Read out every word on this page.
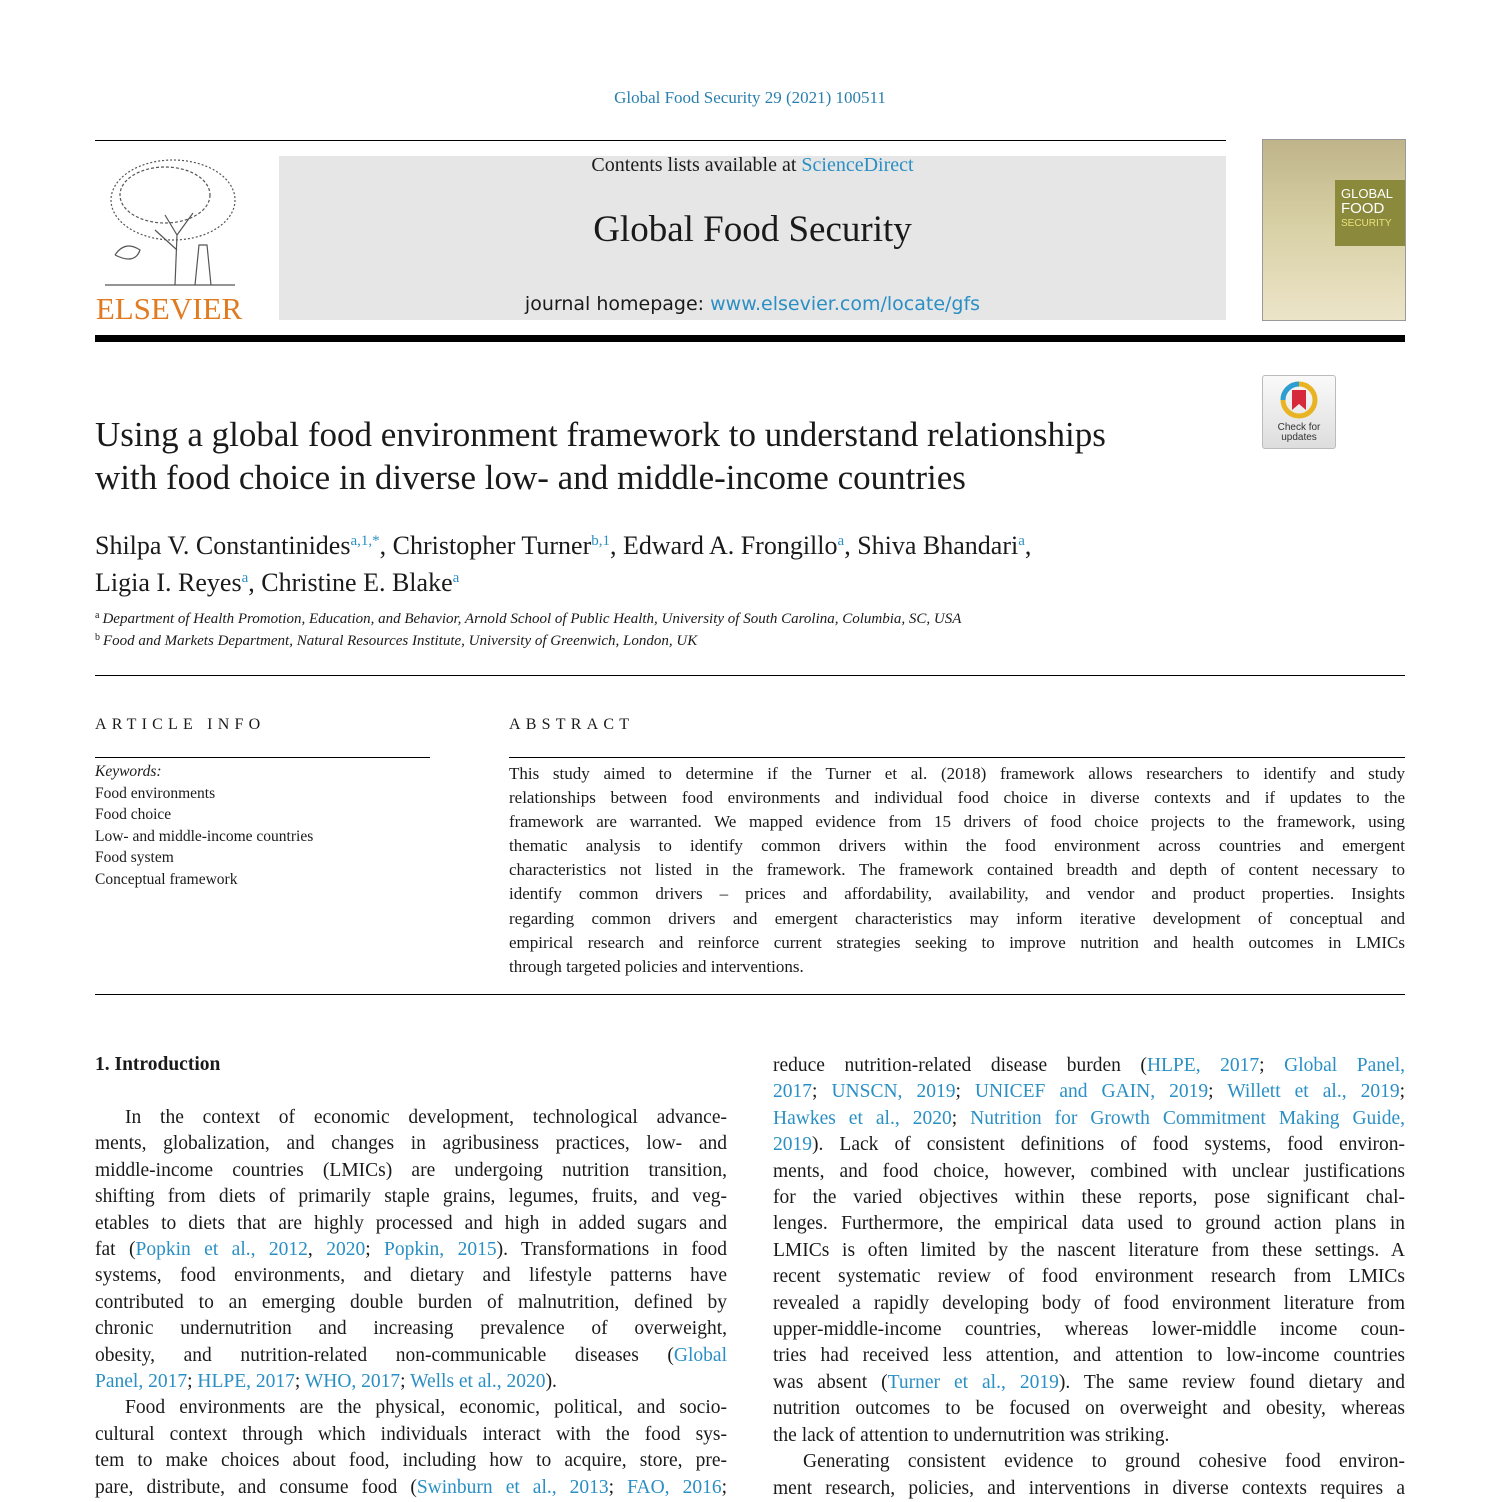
Global Food Security 29 (2021) 100511
ELSEVIER
Contents lists available at ScienceDirect
Global Food Security
journal homepage: www.elsevier.com/locate/gfs
GLOBAL
FOOD
SECURITY
Check for
updates
Using a global food environment framework to understand relationships
with food choice in diverse low- and middle-income countries
Shilpa V. Constantinides$^{a,1,*}$, Christopher Turner$^{b,1}$, Edward A. Frongillo$^a$, Shiva Bhandari$^a$,
Ligia I. Reyes$^a$, Christine E. Blake$^a$
$^a$ Department of Health Promotion, Education, and Behavior, Arnold School of Public Health, University of South Carolina, Columbia, SC, USA
$^b$ Food and Markets Department, Natural Resources Institute, University of Greenwich, London, UK
ARTICLE INFO	ABSTRACT
Keywords:
Food environments
Food choice
Low- and middle-income countries
Food system
Conceptual framework
This study aimed to determine if the Turner et al. (2018) framework allows researchers to identify and study
relationships between food environments and individual food choice in diverse contexts and if updates to the
framework are warranted. We mapped evidence from 15 drivers of food choice projects to the framework, using
thematic analysis to identify common drivers within the food environment across countries and emergent
characteristics not listed in the framework. The framework contained breadth and depth of content necessary to
identify common drivers – prices and affordability, availability, and vendor and product properties. Insights
regarding common drivers and emergent characteristics may inform iterative development of conceptual and
empirical research and reinforce current strategies seeking to improve nutrition and health outcomes in LMICs
through targeted policies and interventions.
1. Introduction
In the context of economic development, technological advance-
ments, globalization, and changes in agribusiness practices, low- and
middle-income countries (LMICs) are undergoing nutrition transition,
shifting from diets of primarily staple grains, legumes, fruits, and veg-
etables to diets that are highly processed and high in added sugars and
fat (Popkin et al., 2012, 2020; Popkin, 2015). Transformations in food
systems, food environments, and dietary and lifestyle patterns have
contributed to an emerging double burden of malnutrition, defined by
chronic undernutrition and increasing prevalence of overweight,
obesity, and nutrition-related non-communicable diseases (Global
Panel, 2017; HLPE, 2017; WHO, 2017; Wells et al., 2020).
Food environments are the physical, economic, political, and socio-
cultural context through which individuals interact with the food sys-
tem to make choices about food, including how to acquire, store, pre-
pare, distribute, and consume food (Swinburn et al., 2013; FAO, 2016;
reduce nutrition-related disease burden (HLPE, 2017; Global Panel,
2017; UNSCN, 2019; UNICEF and GAIN, 2019; Willett et al., 2019;
Hawkes et al., 2020; Nutrition for Growth Commitment Making Guide,
2019). Lack of consistent definitions of food systems, food environ-
ments, and food choice, however, combined with unclear justifications
for the varied objectives within these reports, pose significant chal-
lenges. Furthermore, the empirical data used to ground action plans in
LMICs is often limited by the nascent literature from these settings. A
recent systematic review of food environment research from LMICs
revealed a rapidly developing body of food environment literature from
upper-middle-income countries, whereas lower-middle income coun-
tries had received less attention, and attention to low-income countries
was absent (Turner et al., 2019). The same review found dietary and
nutrition outcomes to be focused on overweight and obesity, whereas
the lack of attention to undernutrition was striking.
Generating consistent evidence to ground cohesive food environ-
ment research, policies, and interventions in diverse contexts requires a
